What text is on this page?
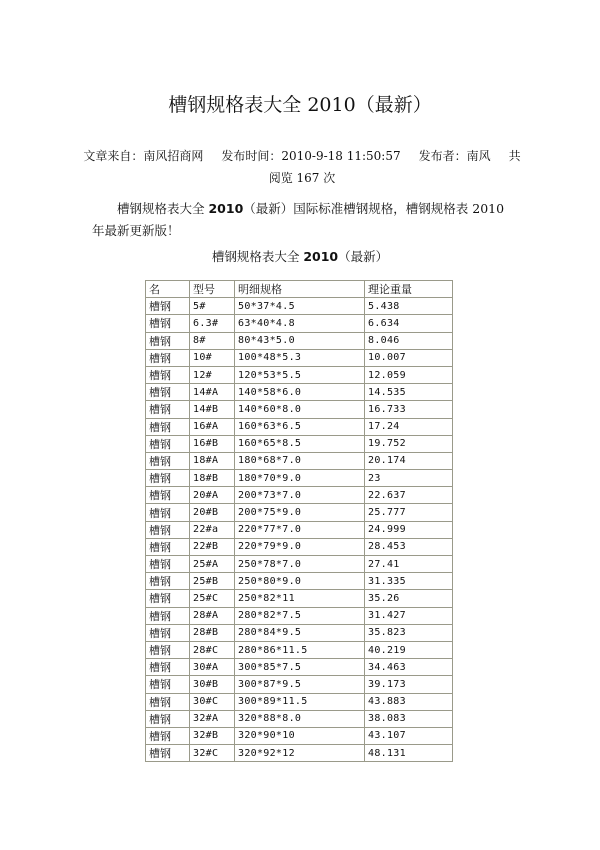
槽钢规格表大全 2010（最新）
文章来自：南风招商网 发布时间：2010-9-18 11:50:57 发布者：南风 共
阅览 167 次

槽钢规格表大全 2010（最新）国际标准槽钢规格，槽钢规格表 2010 年最新更新版！

槽钢规格表大全 2010（最新）
名	型号	明细规格	理论重量
槽钢	5#	50*37*4.5	5.438
槽钢	6.3#	63*40*4.8	6.634
槽钢	8#	80*43*5.0	8.046
槽钢	10#	100*48*5.3	10.007
槽钢	12#	120*53*5.5	12.059
槽钢	14#A	140*58*6.0	14.535
槽钢	14#B	140*60*8.0	16.733
槽钢	16#A	160*63*6.5	17.24
槽钢	16#B	160*65*8.5	19.752
槽钢	18#A	180*68*7.0	20.174
槽钢	18#B	180*70*9.0	23
槽钢	20#A	200*73*7.0	22.637
槽钢	20#B	200*75*9.0	25.777
槽钢	22#a	220*77*7.0	24.999
槽钢	22#B	220*79*9.0	28.453
槽钢	25#A	250*78*7.0	27.41
槽钢	25#B	250*80*9.0	31.335
槽钢	25#C	250*82*11	35.26
槽钢	28#A	280*82*7.5	31.427
槽钢	28#B	280*84*9.5	35.823
槽钢	28#C	280*86*11.5	40.219
槽钢	30#A	300*85*7.5	34.463
槽钢	30#B	300*87*9.5	39.173
槽钢	30#C	300*89*11.5	43.883
槽钢	32#A	320*88*8.0	38.083
槽钢	32#B	320*90*10	43.107
槽钢	32#C	320*92*12	48.131
